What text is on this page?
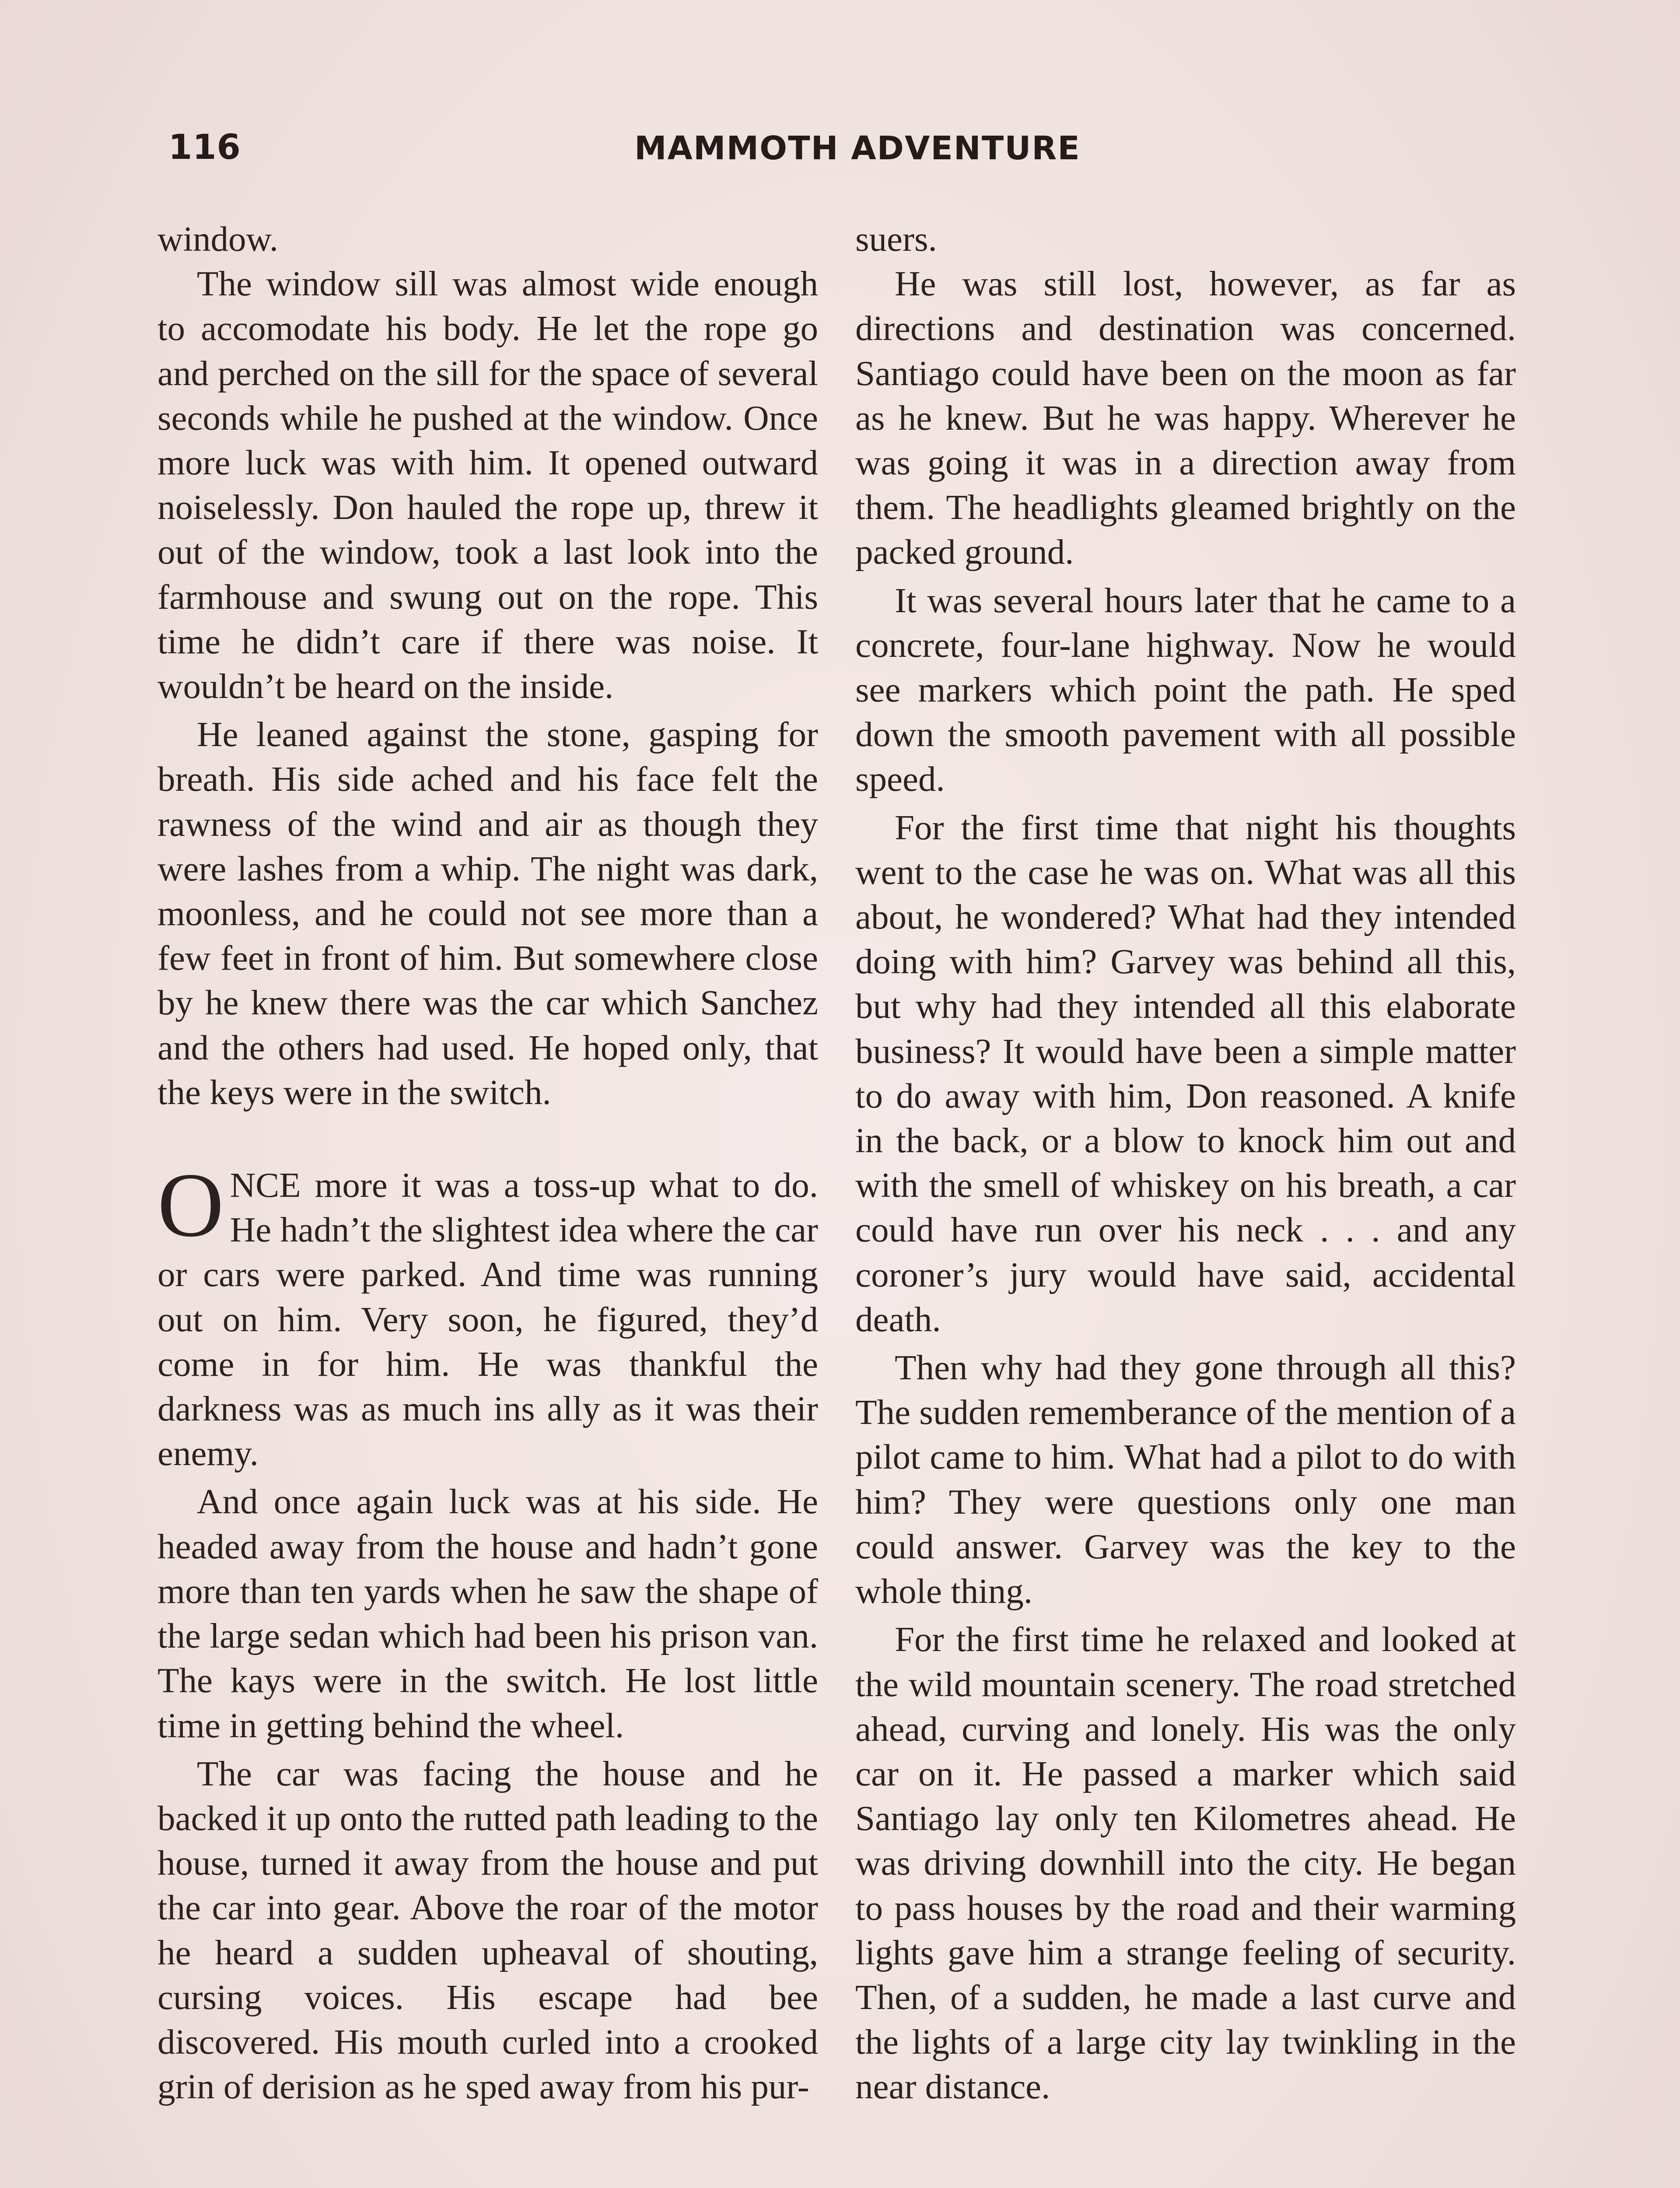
116	MAMMOTH ADVENTURE

window.

The window sill was almost wide enough to accomodate his body. He let the rope go and perched on the sill for the space of several seconds while he pushed at the window. Once more luck was with him. It opened outward noiselessly. Don hauled the rope up, threw it out of the window, took a last look into the farmhouse and swung out on the rope. This time he didn’t care if there was noise. It wouldn’t be heard on the inside.

He leaned against the stone, gasping for breath. His side ached and his face felt the rawness of the wind and air as though they were lashes from a whip. The night was dark, moonless, and he could not see more than a few feet in front of him. But somewhere close by he knew there was the car which Sanchez and the others had used. He hoped only, that the keys were in the switch.

O NCE more it was a toss-up what to do. He hadn’t the slightest idea where the car or cars were parked. And time was running out on him. Very soon, he figured, they’d come in for him. He was thankful the darkness was as much ins ally as it was their enemy.

And once again luck was at his side. He headed away from the house and hadn’t gone more than ten yards when he saw the shape of the large sedan which had been his prison van. The kays were in the switch. He lost little time in getting behind the wheel.

The car was facing the house and he backed it up onto the rutted path leading to the house, turned it away from the house and put the car into gear. Above the roar of the motor he heard a sudden upheaval of shouting, cursing voices. His escape had bee discovered. His mouth curled into a crooked grin of derision as he sped away from his pur-

suers.

He was still lost, however, as far as directions and destination was concerned. Santiago could have been on the moon as far as he knew. But he was happy. Wherever he was going it was in a direction away from them. The headlights gleamed brightly on the packed ground.

It was several hours later that he came to a concrete, four-lane highway. Now he would see markers which point the path. He sped down the smooth pavement with all possible speed.

For the first time that night his thoughts went to the case he was on. What was all this about, he wondered? What had they intended doing with him? Garvey was behind all this, but why had they intended all this elaborate business? It would have been a simple matter to do away with him, Don reasoned. A knife in the back, or a blow to knock him out and with the smell of whiskey on his breath, a car could have run over his neck . . . and any coroner’s jury would have said, accidental death.

Then why had they gone through all this? The sudden rememberance of the mention of a pilot came to him. What had a pilot to do with him? They were questions only one man could answer. Garvey was the key to the whole thing.

For the first time he relaxed and looked at the wild mountain scenery. The road stretched ahead, curving and lonely. His was the only car on it. He passed a marker which said Santiago lay only ten Kilometres ahead. He was driving downhill into the city. He began to pass houses by the road and their warming lights gave him a strange feeling of security. Then, of a sudden, he made a last curve and the lights of a large city lay twinkling in the near distance.
